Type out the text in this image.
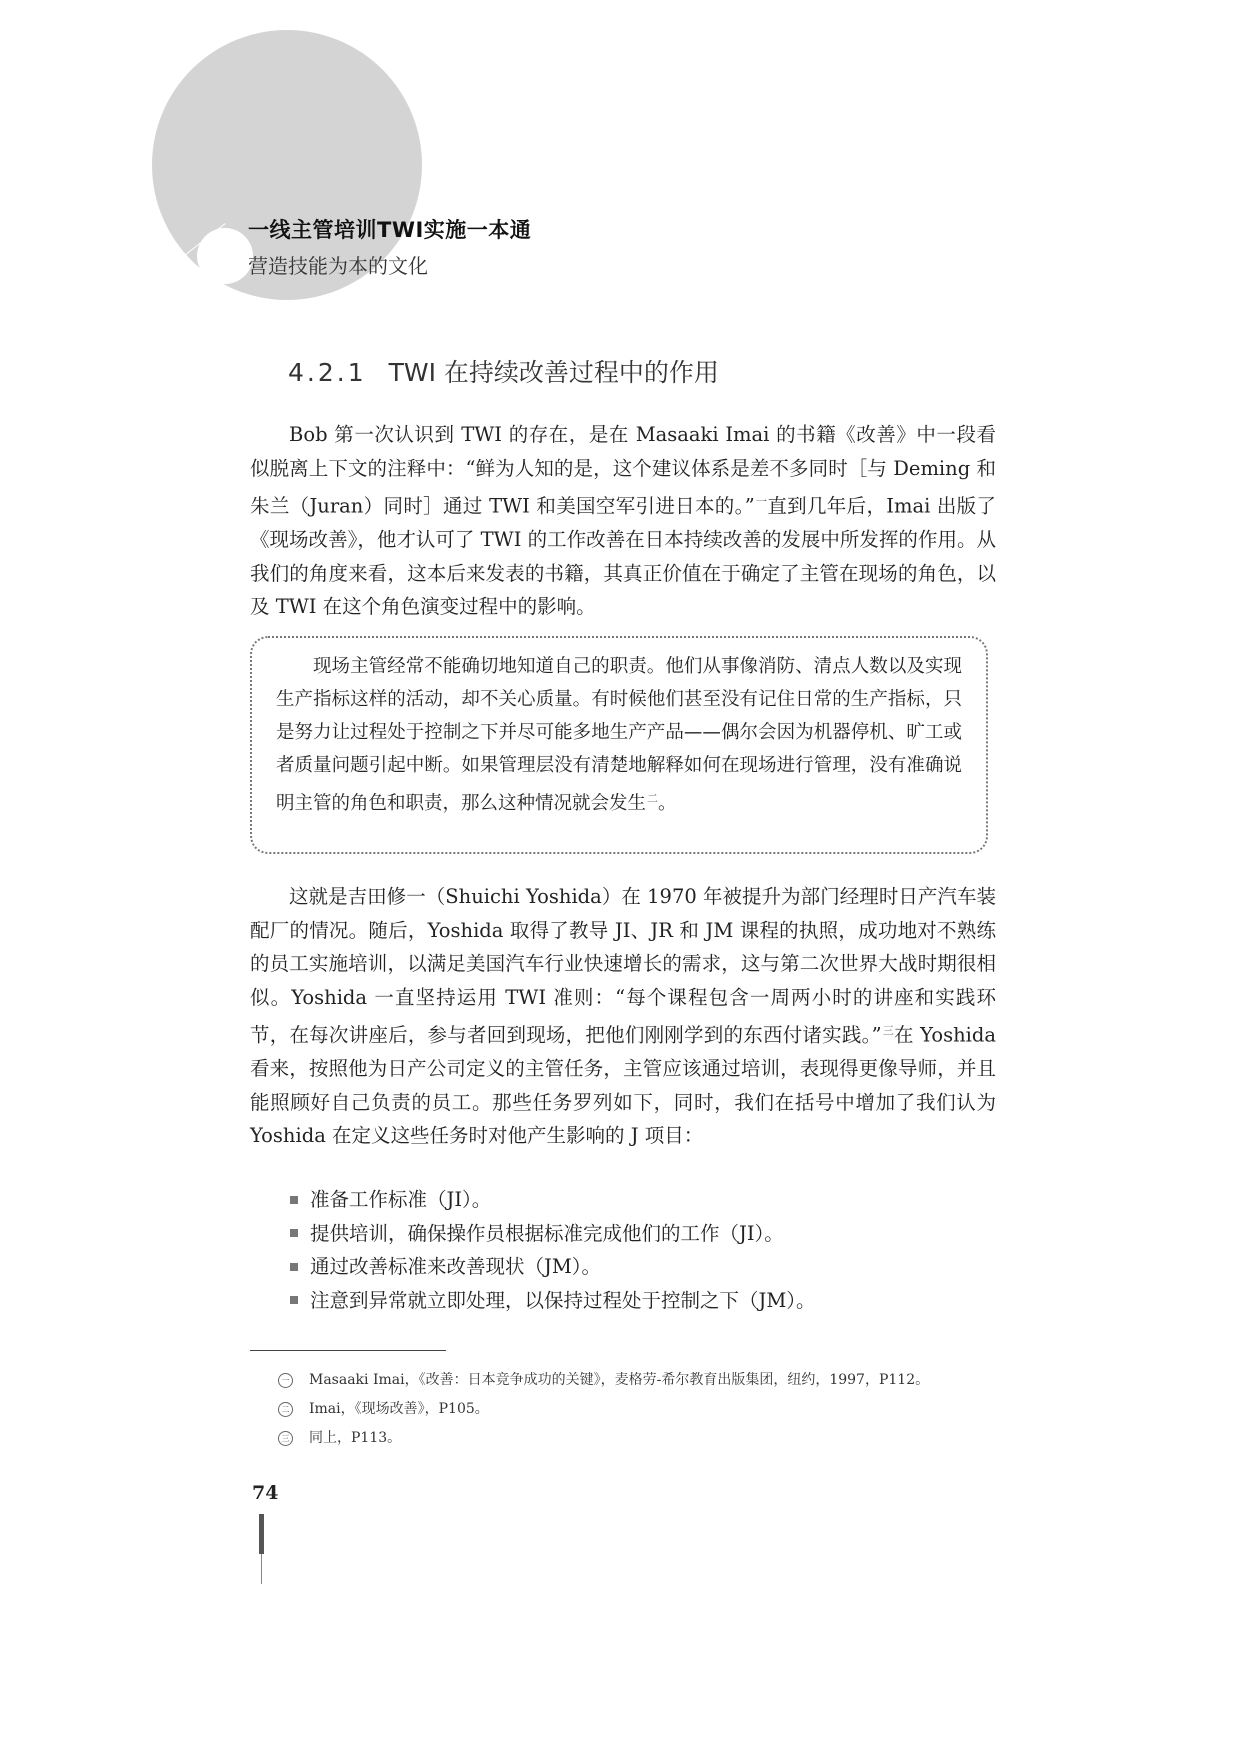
一线主管培训TWI实施一本通
营造技能为本的文化
4.2.1 TWI 在持续改善过程中的作用
Bob 第一次认识到 TWI 的存在，是在 Masaaki Imai 的书籍《改善》中一段看似脱离上下文的注释中：“鲜为人知的是，这个建议体系是差不多同时［与 Deming 和朱兰（Juran）同时］通过 TWI 和美国空军引进日本的。”$^一$直到几年后，Imai 出版了《现场改善》，他才认可了 TWI 的工作改善在日本持续改善的发展中所发挥的作用。从我们的角度来看，这本后来发表的书籍，其真正价值在于确定了主管在现场的角色，以及 TWI 在这个角色演变过程中的影响。
现场主管经常不能确切地知道自己的职责。他们从事像消防、清点人数以及实现生产指标这样的活动，却不关心质量。有时候他们甚至没有记住日常的生产指标，只是努力让过程处于控制之下并尽可能多地生产产品——偶尔会因为机器停机、旷工或者质量问题引起中断。如果管理层没有清楚地解释如何在现场进行管理，没有准确说明主管的角色和职责，那么这种情况就会发生$^二$。
这就是吉田修一（Shuichi Yoshida）在 1970 年被提升为部门经理时日产汽车装配厂的情况。随后，Yoshida 取得了教导 JI、JR 和 JM 课程的执照，成功地对不熟练的员工实施培训，以满足美国汽车行业快速增长的需求，这与第二次世界大战时期很相似。Yoshida 一直坚持运用 TWI 准则：“每个课程包含一周两小时的讲座和实践环节，在每次讲座后，参与者回到现场，把他们刚刚学到的东西付诸实践。”$^三$在 Yoshida 看来，按照他为日产公司定义的主管任务，主管应该通过培训，表现得更像导师，并且能照顾好自己负责的员工。那些任务罗列如下，同时，我们在括号中增加了我们认为 Yoshida 在定义这些任务时对他产生影响的 J 项目：
准备工作标准（JI）。
提供培训，确保操作员根据标准完成他们的工作（JI）。
通过改善标准来改善现状（JM）。
注意到异常就立即处理，以保持过程处于控制之下（JM）。
一 Masaaki Imai，《改善：日本竞争成功的关键》，麦格劳-希尔教育出版集团，纽约，1997，P112。
二 Imai，《现场改善》，P105。
三 同上，P113。
74
